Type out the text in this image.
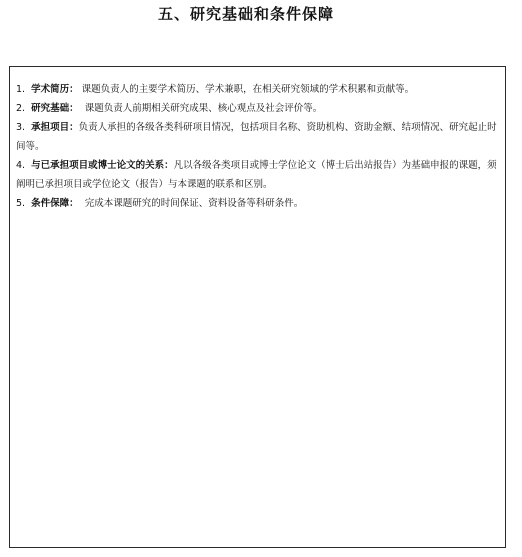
五、研究基础和条件保障

1. 学术简历： 课题负责人的主要学术简历、学术兼职，在相关研究领域的学术积累和贡献等。

2. 研究基础： 课题负责人前期相关研究成果、核心观点及社会评价等。

3. 承担项目：负责人承担的各级各类科研项目情况，包括项目名称、资助机构、资助金额、结项情况、研究起止时间等。

4. 与已承担项目或博士论文的关系：凡以各级各类项目或博士学位论文（博士后出站报告）为基础申报的课题，须阐明已承担项目或学位论文（报告）与本课题的联系和区别。

5. 条件保障： 完成本课题研究的时间保证、资料设备等科研条件。
